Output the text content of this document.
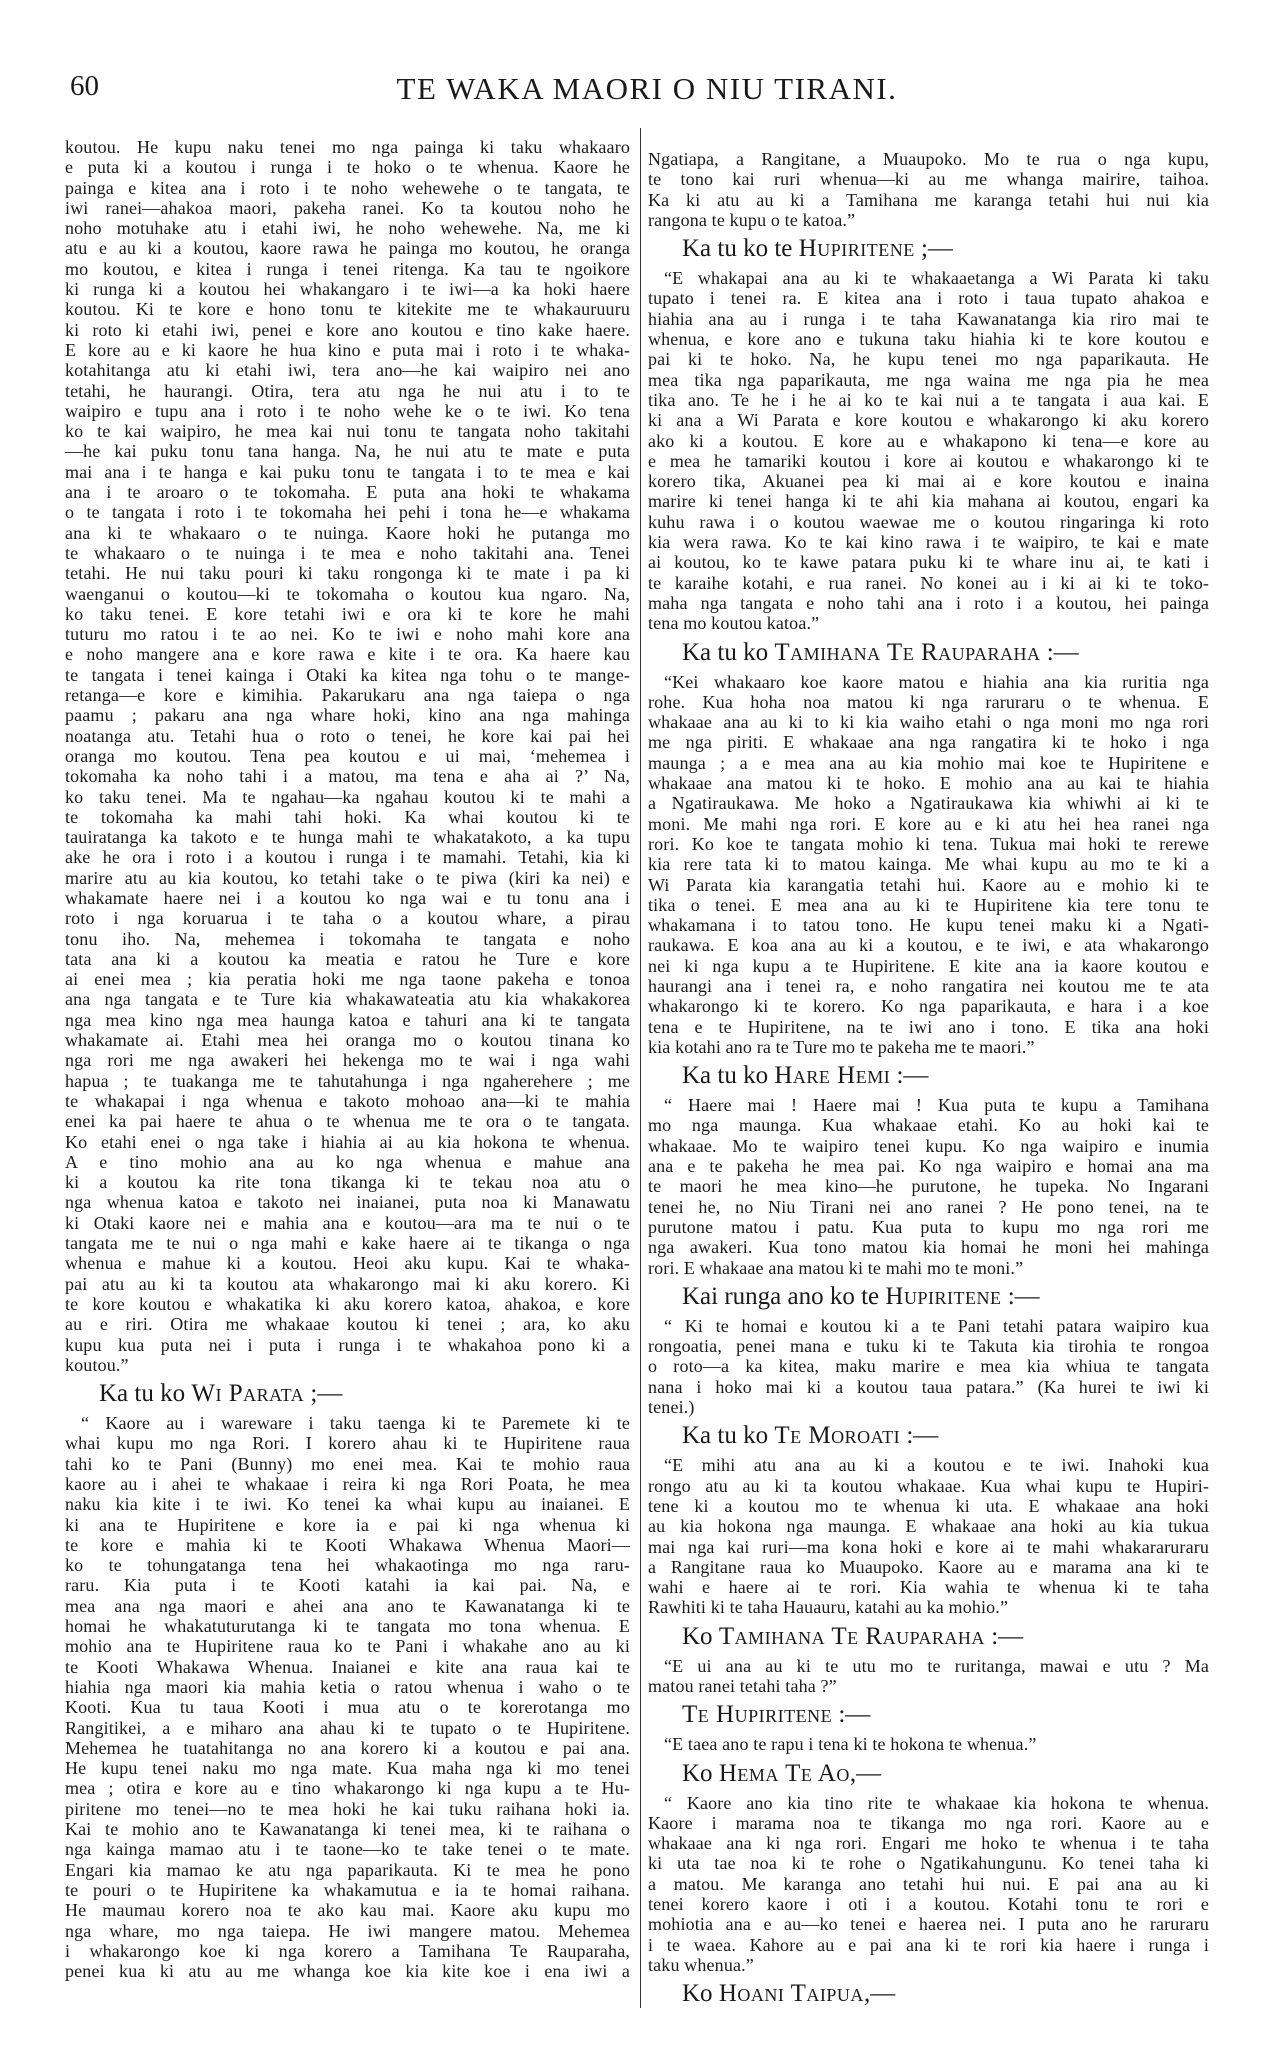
60	TE WAKA MAORI O NIU TIRANI.
koutou. He kupu naku tenei mo nga painga ki taku whakaaro
e puta ki a koutou i runga i te hoko o te whenua. Kaore he
painga e kitea ana i roto i te noho wehewehe o te tangata, te
iwi ranei—ahakoa maori, pakeha ranei. Ko ta koutou noho he
noho motuhake atu i etahi iwi, he noho wehewehe. Na, me ki
atu e au ki a koutou, kaore rawa he painga mo koutou, he oranga
mo koutou, e kitea i runga i tenei ritenga. Ka tau te ngoikore
ki runga ki a koutou hei whakangaro i te iwi—a ka hoki haere
koutou. Ki te kore e hono tonu te kitekite me te whakauruuru
ki roto ki etahi iwi, penei e kore ano koutou e tino kake haere.
E kore au e ki kaore he hua kino e puta mai i roto i te whaka-
kotahitanga atu ki etahi iwi, tera ano—he kai waipiro nei ano
tetahi, he haurangi. Otira, tera atu nga he nui atu i to te
waipiro e tupu ana i roto i te noho wehe ke o te iwi. Ko tena
ko te kai waipiro, he mea kai nui tonu te tangata noho takitahi
—he kai puku tonu tana hanga. Na, he nui atu te mate e puta
mai ana i te hanga e kai puku tonu te tangata i to te mea e kai
ana i te aroaro o te tokomaha. E puta ana hoki te whakama
o te tangata i roto i te tokomaha hei pehi i tona he—e whakama
ana ki te whakaaro o te nuinga. Kaore hoki he putanga mo
te whakaaro o te nuinga i te mea e noho takitahi ana. Tenei
tetahi. He nui taku pouri ki taku rongonga ki te mate i pa ki
waenganui o koutou—ki te tokomaha o koutou kua ngaro. Na,
ko taku tenei. E kore tetahi iwi e ora ki te kore he mahi
tuturu mo ratou i te ao nei. Ko te iwi e noho mahi kore ana
e noho mangere ana e kore rawa e kite i te ora. Ka haere kau
te tangata i tenei kainga i Otaki ka kitea nga tohu o te mange-
retanga—e kore e kimihia. Pakarukaru ana nga taiepa o nga
paamu ; pakaru ana nga whare hoki, kino ana nga mahinga
noatanga atu. Tetahi hua o roto o tenei, he kore kai pai hei
oranga mo koutou. Tena pea koutou e ui mai, ‘mehemea i
tokomaha ka noho tahi i a matou, ma tena e aha ai ?’ Na,
ko taku tenei. Ma te ngahau—ka ngahau koutou ki te mahi a
te tokomaha ka mahi tahi hoki. Ka whai koutou ki te
tauiratanga ka takoto e te hunga mahi te whakatakoto, a ka tupu
ake he ora i roto i a koutou i runga i te mamahi. Tetahi, kia ki
marire atu au kia koutou, ko tetahi take o te piwa (kiri ka nei) e
whakamate haere nei i a koutou ko nga wai e tu tonu ana i
roto i nga koruarua i te taha o a koutou whare, a pirau
tonu iho. Na, mehemea i tokomaha te tangata e noho
tata ana ki a koutou ka meatia e ratou he Ture e kore
ai enei mea ; kia peratia hoki me nga taone pakeha e tonoa
ana nga tangata e te Ture kia whakawateatia atu kia whakakorea
nga mea kino nga mea haunga katoa e tahuri ana ki te tangata
whakamate ai. Etahi mea hei oranga mo o koutou tinana ko
nga rori me nga awakeri hei hekenga mo te wai i nga wahi
hapua ; te tuakanga me te tahutahunga i nga ngaherehere ; me
te whakapai i nga whenua e takoto mohoao ana—ki te mahia
enei ka pai haere te ahua o te whenua me te ora o te tangata.
Ko etahi enei o nga take i hiahia ai au kia hokona te whenua.
A e tino mohio ana au ko nga whenua e mahue ana
ki a koutou ka rite tona tikanga ki te tekau noa atu o
nga whenua katoa e takoto nei inaianei, puta noa ki Manawatu
ki Otaki kaore nei e mahia ana e koutou—ara ma te nui o te
tangata me te nui o nga mahi e kake haere ai te tikanga o nga
whenua e mahue ki a koutou. Heoi aku kupu. Kai te whaka-
pai atu au ki ta koutou ata whakarongo mai ki aku korero. Ki
te kore koutou e whakatika ki aku korero katoa, ahakoa, e kore
au e riri. Otira me whakaae koutou ki tenei ; ara, ko aku
kupu kua puta nei i puta i runga i te whakahoa pono ki a
koutou.”
Ka tu ko Wi Parata ;—
“ Kaore au i wareware i taku taenga ki te Paremete ki te
whai kupu mo nga Rori. I korero ahau ki te Hupiritene raua
tahi ko te Pani (Bunny) mo enei mea. Kai te mohio raua
kaore au i ahei te whakaae i reira ki nga Rori Poata, he mea
naku kia kite i te iwi. Ko tenei ka whai kupu au inaianei. E
ki ana te Hupiritene e kore ia e pai ki nga whenua ki
te kore e mahia ki te Kooti Whakawa Whenua Maori—
ko te tohungatanga tena hei whakaotinga mo nga raru-
raru. Kia puta i te Kooti katahi ia kai pai. Na, e
mea ana nga maori e ahei ana ano te Kawanatanga ki te
homai he whakatuturutanga ki te tangata mo tona whenua. E
mohio ana te Hupiritene raua ko te Pani i whakahe ano au ki
te Kooti Whakawa Whenua. Inaianei e kite ana raua kai te
hiahia nga maori kia mahia ketia o ratou whenua i waho o te
Kooti. Kua tu taua Kooti i mua atu o te korerotanga mo
Rangitikei, a e miharo ana ahau ki te tupato o te Hupiritene.
Mehemea he tuatahitanga no ana korero ki a koutou e pai ana.
He kupu tenei naku mo nga mate. Kua maha nga ki mo tenei
mea ; otira e kore au e tino whakarongo ki nga kupu a te Hu-
piritene mo tenei—no te mea hoki he kai tuku raihana hoki ia.
Kai te mohio ano te Kawanatanga ki tenei mea, ki te raihana o
nga kainga mamao atu i te taone—ko te take tenei o te mate.
Engari kia mamao ke atu nga paparikauta. Ki te mea he pono
te pouri o te Hupiritene ka whakamutua e ia te homai raihana.
He maumau korero noa te ako kau mai. Kaore aku kupu mo
nga whare, mo nga taiepa. He iwi mangere matou. Mehemea
i whakarongo koe ki nga korero a Tamihana Te Rauparaha,
penei kua ki atu au me whanga koe kia kite koe i ena iwi a
Ngatiapa, a Rangitane, a Muaupoko. Mo te rua o nga kupu,
te tono kai ruri whenua—ki au me whanga mairire, taihoa.
Ka ki atu au ki a Tamihana me karanga tetahi hui nui kia
rangona te kupu o te katoa.”
Ka tu ko te Hupiritene ;—
“E whakapai ana au ki te whakaaetanga a Wi Parata ki taku
tupato i tenei ra. E kitea ana i roto i taua tupato ahakoa e
hiahia ana au i runga i te taha Kawanatanga kia riro mai te
whenua, e kore ano e tukuna taku hiahia ki te kore koutou e
pai ki te hoko. Na, he kupu tenei mo nga paparikauta. He
mea tika nga paparikauta, me nga waina me nga pia he mea
tika ano. Te he i he ai ko te kai nui a te tangata i aua kai. E
ki ana a Wi Parata e kore koutou e whakarongo ki aku korero
ako ki a koutou. E kore au e whakapono ki tena—e kore au
e mea he tamariki koutou i kore ai koutou e whakarongo ki te
korero tika, Akuanei pea ki mai ai e kore koutou e inaina
marire ki tenei hanga ki te ahi kia mahana ai koutou, engari ka
kuhu rawa i o koutou waewae me o koutou ringaringa ki roto
kia wera rawa. Ko te kai kino rawa i te waipiro, te kai e mate
ai koutou, ko te kawe patara puku ki te whare inu ai, te kati i
te karaihe kotahi, e rua ranei. No konei au i ki ai ki te toko-
maha nga tangata e noho tahi ana i roto i a koutou, hei painga
tena mo koutou katoa.”
Ka tu ko Tamihana Te Rauparaha :—
“Kei whakaaro koe kaore matou e hiahia ana kia ruritia nga
rohe. Kua hoha noa matou ki nga raruraru o te whenua. E
whakaae ana au ki to ki kia waiho etahi o nga moni mo nga rori
me nga piriti. E whakaae ana nga rangatira ki te hoko i nga
maunga ; a e mea ana au kia mohio mai koe te Hupiritene e
whakaae ana matou ki te hoko. E mohio ana au kai te hiahia
a Ngatiraukawa. Me hoko a Ngatiraukawa kia whiwhi ai ki te
moni. Me mahi nga rori. E kore au e ki atu hei hea ranei nga
rori. Ko koe te tangata mohio ki tena. Tukua mai hoki te rerewe
kia rere tata ki to matou kainga. Me whai kupu au mo te ki a
Wi Parata kia karangatia tetahi hui. Kaore au e mohio ki te
tika o tenei. E mea ana au ki te Hupiritene kia tere tonu te
whakamana i to tatou tono. He kupu tenei maku ki a Ngati-
raukawa. E koa ana au ki a koutou, e te iwi, e ata whakarongo
nei ki nga kupu a te Hupiritene. E kite ana ia kaore koutou e
haurangi ana i tenei ra, e noho rangatira nei koutou me te ata
whakarongo ki te korero. Ko nga paparikauta, e hara i a koe
tena e te Hupiritene, na te iwi ano i tono. E tika ana hoki
kia kotahi ano ra te Ture mo te pakeha me te maori.”
Ka tu ko Hare Hemi :—
“ Haere mai ! Haere mai ! Kua puta te kupu a Tamihana
mo nga maunga. Kua whakaae etahi. Ko au hoki kai te
whakaae. Mo te waipiro tenei kupu. Ko nga waipiro e inumia
ana e te pakeha he mea pai. Ko nga waipiro e homai ana ma
te maori he mea kino—he purutone, he tupeka. No Ingarani
tenei he, no Niu Tirani nei ano ranei ? He pono tenei, na te
purutone matou i patu. Kua puta to kupu mo nga rori me
nga awakeri. Kua tono matou kia homai he moni hei mahinga
rori. E whakaae ana matou ki te mahi mo te moni.”
Kai runga ano ko te Hupiritene :—
“ Ki te homai e koutou ki a te Pani tetahi patara waipiro kua
rongoatia, penei mana e tuku ki te Takuta kia tirohia te rongoa
o roto—a ka kitea, maku marire e mea kia whiua te tangata
nana i hoko mai ki a koutou taua patara.” (Ka hurei te iwi ki
tenei.)
Ka tu ko Te Moroati :—
“E mihi atu ana au ki a koutou e te iwi. Inahoki kua
rongo atu au ki ta koutou whakaae. Kua whai kupu te Hupiri-
tene ki a koutou mo te whenua ki uta. E whakaae ana hoki
au kia hokona nga maunga. E whakaae ana hoki au kia tukua
mai nga kai ruri—ma kona hoki e kore ai te mahi whakararuraru
a Rangitane raua ko Muaupoko. Kaore au e marama ana ki te
wahi e haere ai te rori. Kia wahia te whenua ki te taha
Rawhiti ki te taha Hauauru, katahi au ka mohio.”
Ko Tamihana Te Rauparaha :—
“E ui ana au ki te utu mo te ruritanga, mawai e utu ? Ma
matou ranei tetahi taha ?”
Te Hupiritene :—
“E taea ano te rapu i tena ki te hokona te whenua.”
Ko Hema Te Ao,—
“ Kaore ano kia tino rite te whakaae kia hokona te whenua.
Kaore i marama noa te tikanga mo nga rori. Kaore au e
whakaae ana ki nga rori. Engari me hoko te whenua i te taha
ki uta tae noa ki te rohe o Ngatikahungunu. Ko tenei taha ki
a matou. Me karanga ano tetahi hui nui. E pai ana au ki
tenei korero kaore i oti i a koutou. Kotahi tonu te rori e
mohiotia ana e au—ko tenei e haerea nei. I puta ano he raruraru
i te waea. Kahore au e pai ana ki te rori kia haere i runga i
taku whenua.”
Ko Hoani Taipua,—
